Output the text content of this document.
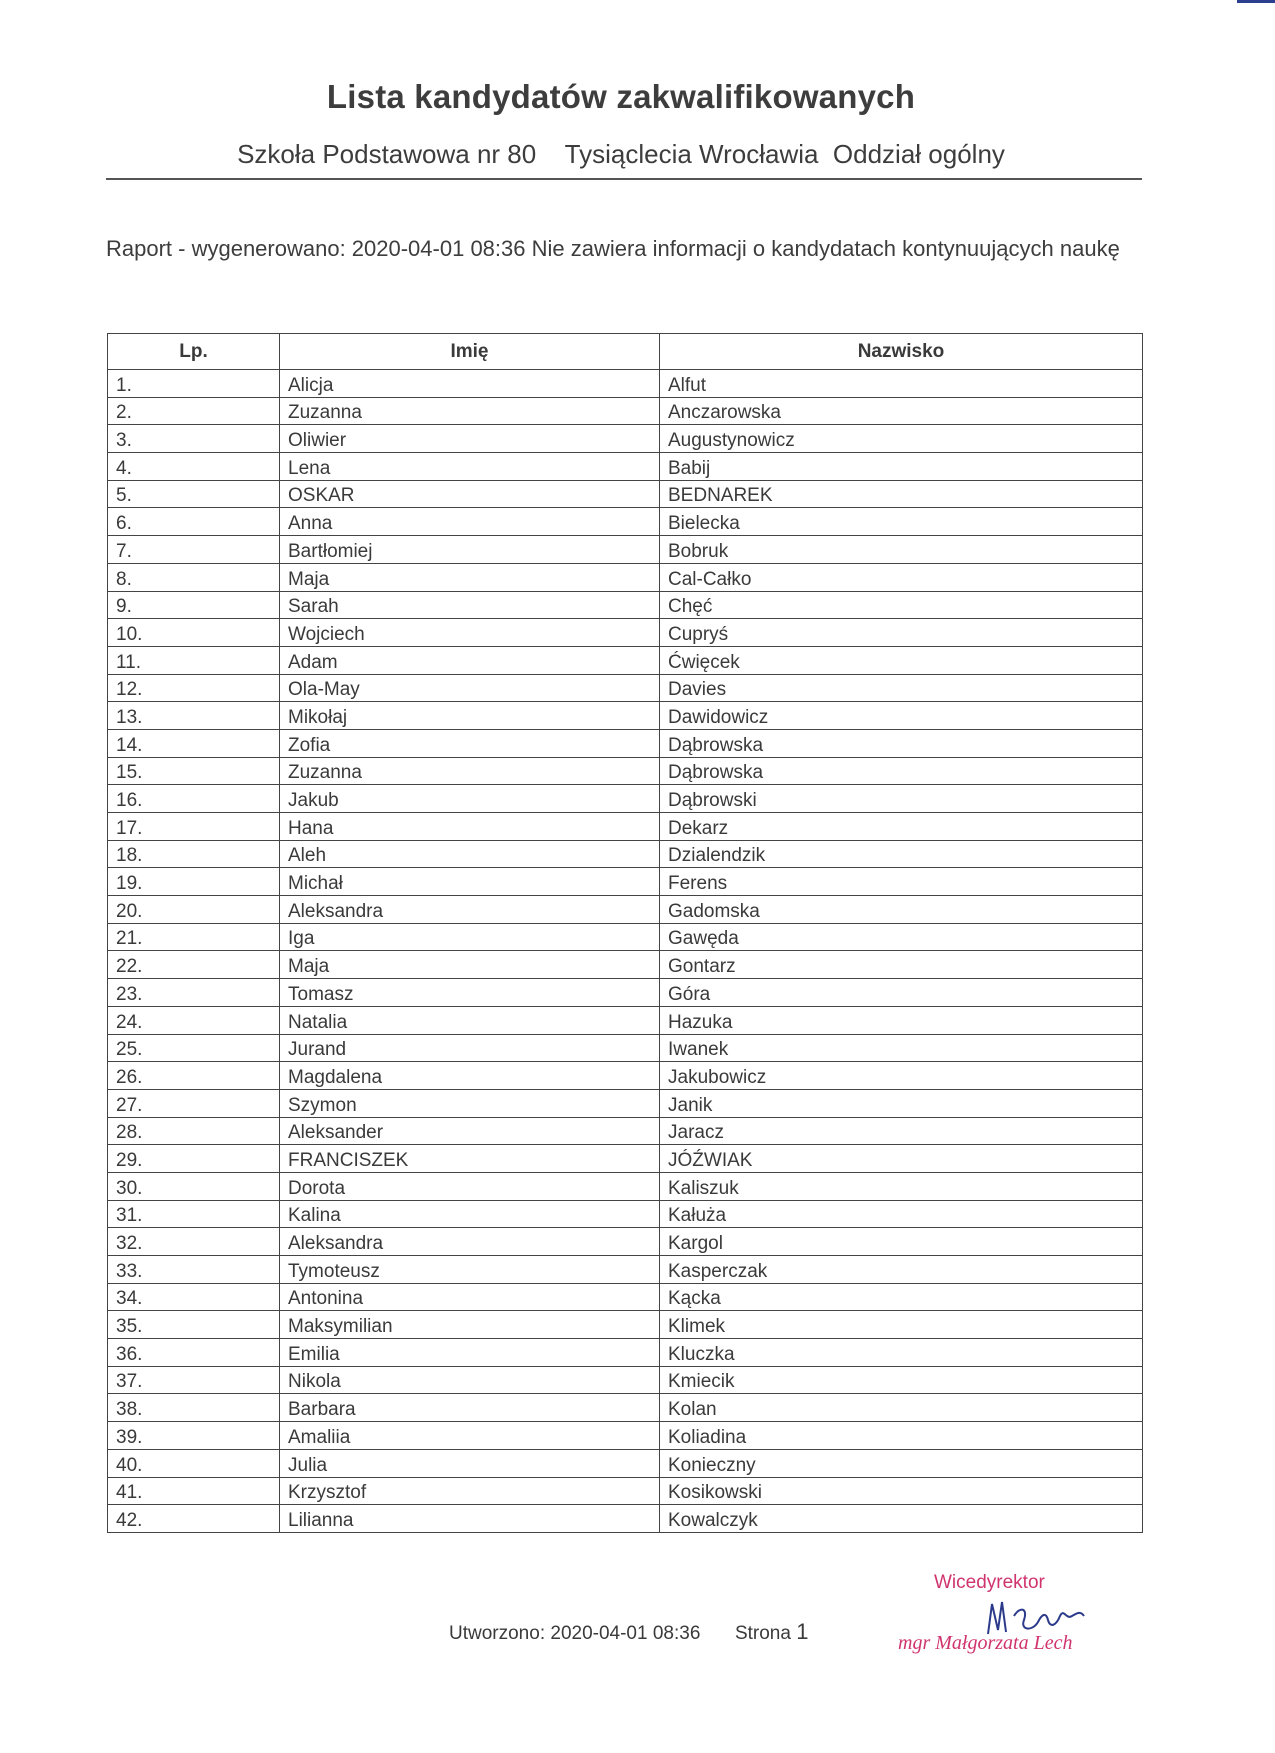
Lista kandydatów zakwalifikowanych
Szkoła Podstawowa nr 80    Tysiąclecia Wrocławia  Oddział ogólny
Raport - wygenerowano: 2020-04-01 08:36 Nie zawiera informacji o kandydatach kontynuujących naukę
Lp.	Imię	Nazwisko
1.	Alicja	Alfut
2.	Zuzanna	Anczarowska
3.	Oliwier	Augustynowicz
4.	Lena	Babij
5.	OSKAR	BEDNAREK
6.	Anna	Bielecka
7.	Bartłomiej	Bobruk
8.	Maja	Cal-Całko
9.	Sarah	Chęć
10.	Wojciech	Cupryś
11.	Adam	Ćwięcek
12.	Ola-May	Davies
13.	Mikołaj	Dawidowicz
14.	Zofia	Dąbrowska
15.	Zuzanna	Dąbrowska
16.	Jakub	Dąbrowski
17.	Hana	Dekarz
18.	Aleh	Dzialendzik
19.	Michał	Ferens
20.	Aleksandra	Gadomska
21.	Iga	Gawęda
22.	Maja	Gontarz
23.	Tomasz	Góra
24.	Natalia	Hazuka
25.	Jurand	Iwanek
26.	Magdalena	Jakubowicz
27.	Szymon	Janik
28.	Aleksander	Jaracz
29.	FRANCISZEK	JÓŹWIAK
30.	Dorota	Kaliszuk
31.	Kalina	Kałuża
32.	Aleksandra	Kargol
33.	Tymoteusz	Kasperczak
34.	Antonina	Kącka
35.	Maksymilian	Klimek
36.	Emilia	Kluczka
37.	Nikola	Kmiecik
38.	Barbara	Kolan
39.	Amaliia	Koliadina
40.	Julia	Konieczny
41.	Krzysztof	Kosikowski
42.	Lilianna	Kowalczyk
Utworzono: 2020-04-01 08:36 Strona 1
Wicedyrektor
mgr Małgorzata Lech
